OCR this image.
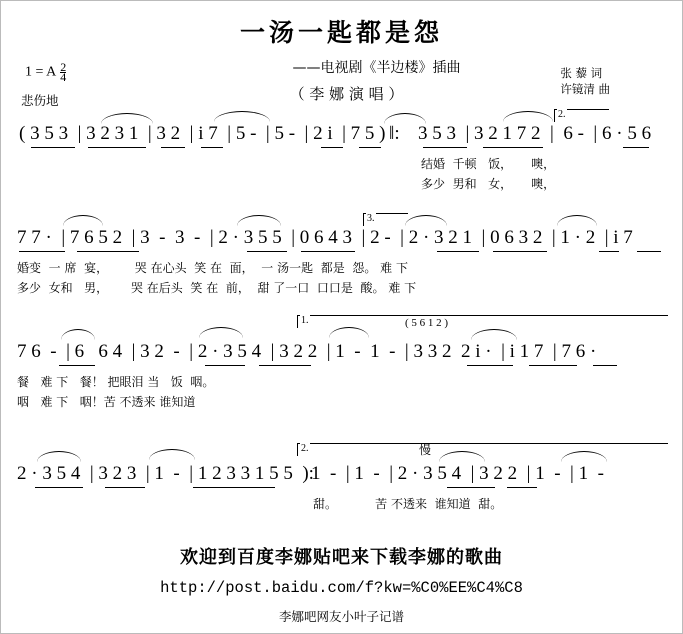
一汤一匙都是怨
——电视剧《半边楼》插曲
（ 李 娜 演 唱 ）
张 藜 词
许镜清 曲
1 = A $\frac{2}{4}$
悲伤地
( 3 5 3  | 3 2 3 1  | 3 2  | i 7  | 5 -  | 5 -  | 2 i  | 7 5 ) ‖: 3 5 3  | 3 2 1 7 2  |  6 -  | 6 · 5 6
2.
结婚  千顿   饭，     噢，
多少  男和   女，     噢，
7 7 ·  | 7 6 5 2  | 3  -  3  -  | 2 · 3 5 5  | 0 6 4 3  | 2 -  | 2 · 3 2 1  | 0 6 3 2  | 1 · 2  | i 7
3.
婚变  一 席  宴，       哭 在心头  笑 在  面，  一 汤一匙  都是  怨。 难 下
多少  女和   男，      哭 在后头  笑 在  前，  甜 了一口  口口是  酸。 难 下
7 6  -  | 6   6 4  | 3 2  -  | 2 · 3 5 4  | 3 2 2  | 1  -  1  -  | 3 3 2  2 i ·  | i 1 7  | 7 6 ·
1.	( 5 6 1 2 )
餐   难 下   餐！ 把眼泪 当   饭  咽。
咽   难 下   咽！苦 不透来 谁知道
2 · 3 5 4  | 3 2 3  | 1  -  | 1 2 3 3 1 5 5  ):
1  -  | 1  -  | 2 · 3 5 4  | 3 2 2  | 1  -  | 1  -
2.	慢
甜。          苦 不透来  谁知道  甜。
欢迎到百度李娜贴吧来下载李娜的歌曲
http://post.baidu.com/f?kw=%C0%EE%C4%C8
李娜吧网友小叶子记谱
